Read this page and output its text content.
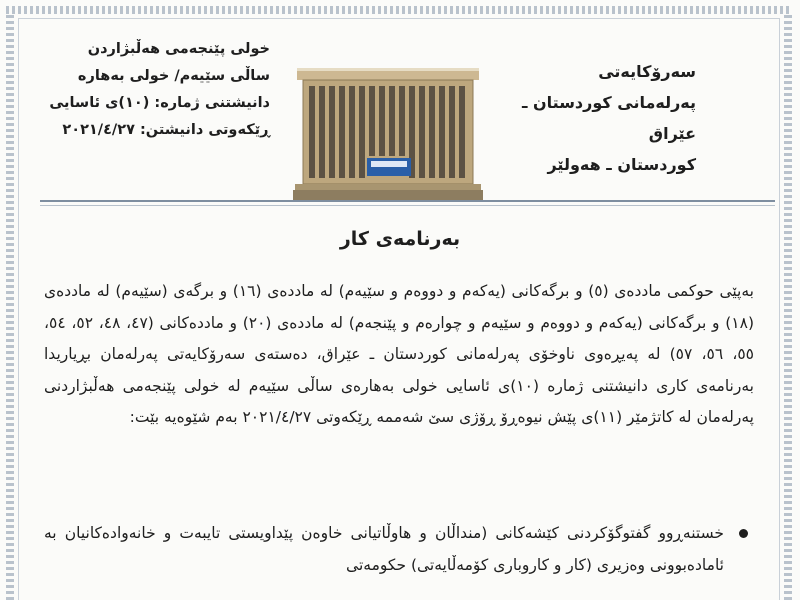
سەرۆکایەتی
پەرلەمانی کوردستان ـ عێراق
کوردستان ـ هەولێر
خولی پێنجەمی هەڵبژاردن
ساڵی سێیەم/ خولی بەهارە
دانیشتنی ژمارە: (١٠)ی ئاسایی
ڕێکەوتی دانیشتن: ٢٠٢١/٤/٢٧
بەرنامەی کار
بەپێی حوکمی ماددەی (٥) و برگەکانی (یەکەم و دووەم و سێیەم) لە ماددەی (١٦) و برگەی (سێیەم) لە ماددەی (١٨) و برگەکانی (یەکەم و دووەم و سێیەم و چوارەم و پێنجەم) لە ماددەی (٢٠) و ماددەکانی (٤٧، ٤٨، ٥٢، ٥٤، ٥٥، ٥٦، ٥٧) لە پەیڕەوی ناوخۆی پەرلەمانی کوردستان ـ عێراق، دەستەی سەرۆکایەتی پەرلەمان بڕیاریدا بەرنامەی کاری دانیشتنی ژمارە (١٠)ی ئاسایی خولی بەهارەی ساڵی سێیەم لە خولی پێنجەمی هەڵبژاردنی پەرلەمان لە کاتژمێر (١١)ی پێش نیوەڕۆ ڕۆژی سێ شەممە ڕێکەوتی ٢٠٢١/٤/٢٧ بەم شێوەیە بێت:
خستنەڕوو گفتوگۆکردنی کێشەکانی (منداڵان و هاوڵاتیانی خاوەن پێداویستی تایبەت و خانەوادەکانیان بە ئامادەبوونی وەزیری (کار و کاروباری کۆمەڵایەتی) حکومەتی
